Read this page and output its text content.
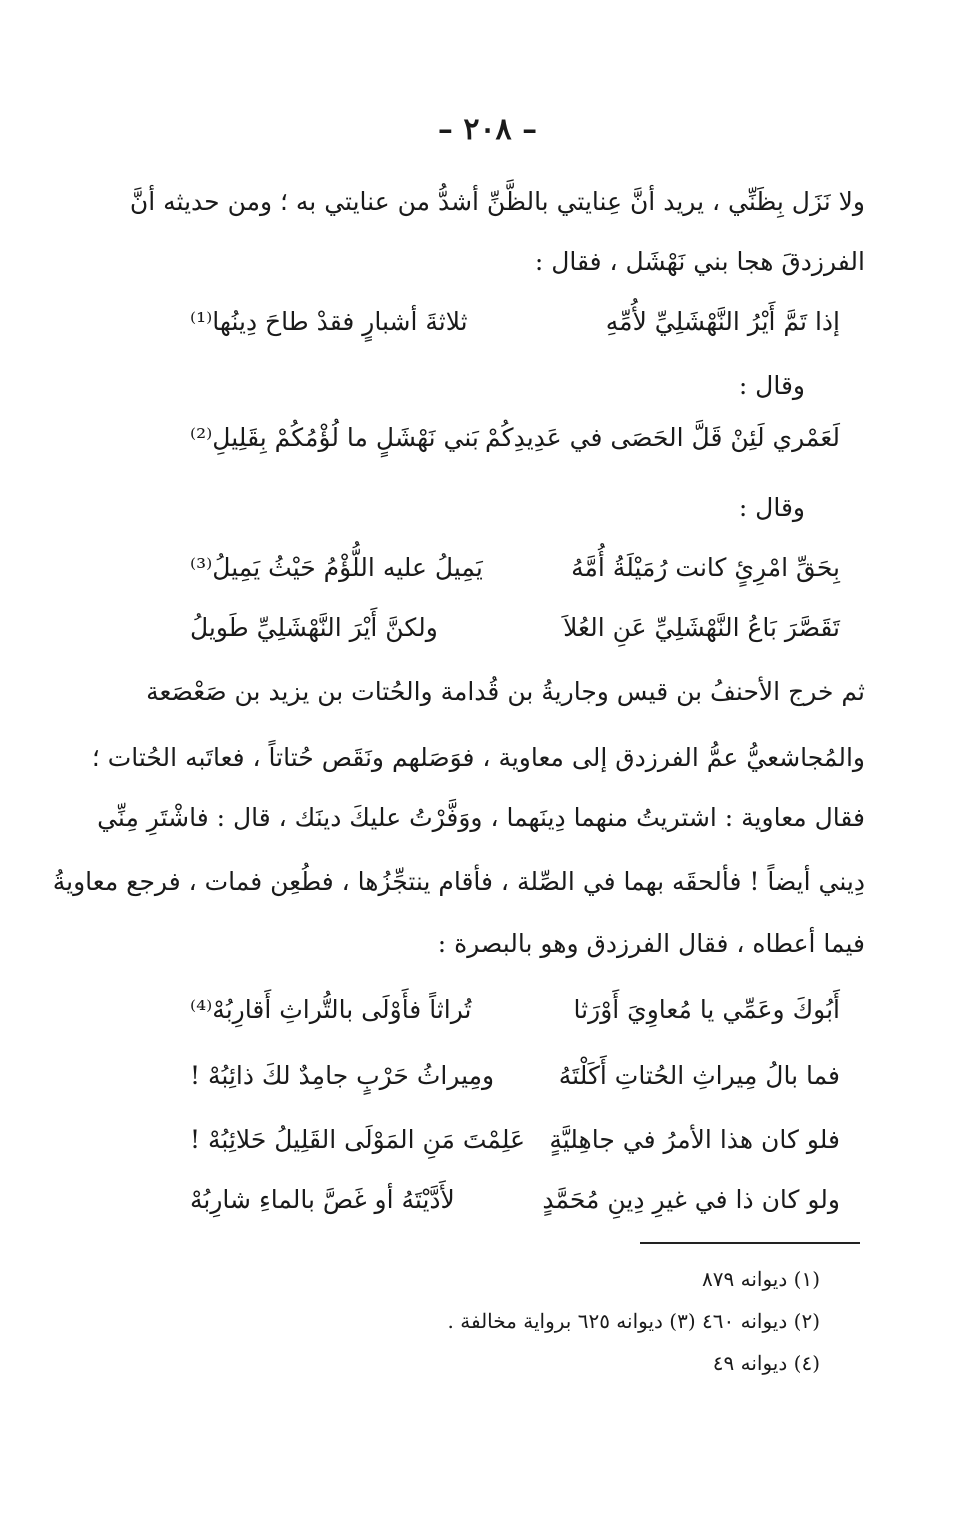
– ٢٠٨ –
ولا نَزَل بِظَنِّي ، يريد أنَّ عِنايتي بالظَّنِّ أشدُّ من عنايتي به ؛ ومن حديثه أنَّ
الفرزدقَ هجا بني نَهْشَل ، فقال :
إذا تَمَّ أَيْرُ النَّهْشَلِيِّ لأُمِّهِ
ثلاثةَ أشبارٍ فقدْ طاحَ دِينُها⁽¹⁾
وقال :
لَعَمْري لَئِنْ قَلَّ الحَصَى في عَدِيدِكُمْ
بَني نَهْشَلٍ ما لُؤْمُكُمْ بِقَلِيلِ⁽²⁾
وقال :
بِحَقِّ امْرِئٍ كانت رُمَيْلَةُ أُمَّهُ
يَمِيلُ عليه اللُّؤْمُ حَيْثُ يَمِيلُ⁽³⁾
تَقَصَّرَ بَاعُ النَّهْشَلِيِّ عَنِ العُلاَ
ولكنَّ أَيْرَ النَّهْشَلِيِّ طَويلُ
ثم خرج الأحنفُ بن قيس وجاريةُ بن قُدامة والحُتات بن يزيد بن صَعْصَعة
والمُجاشعيُّ عمُّ الفرزدق إلى معاوية ، فوَصَلهم ونَقَص حُتاتاً ، فعاتَبه الحُتات ؛
فقال معاوية : اشتريتُ منهما دِينَهما ، ووَفَّرْتُ عليكَ دينَك ، قال : فاشْتَرِ مِنِّي
دِيني أيضاً ! فألحقَه بهما في الصِّلة ، فأقام ينتجِّزُها ، فطُعِن فمات ، فرجع معاويةُ
فيما أعطاه ، فقال الفرزدق وهو بالبصرة :
أَبُوكَ وعَمِّي يا مُعاوِيَ أَوْرَثا
تُراثاً فأَوْلَى بالتُّراثِ أَقارِبُهْ⁽⁴⁾
فما بالُ مِيراثِ الحُتاتِ أَكَلْتَهُ
ومِيراثُ حَرْبٍ جامِدٌ لكَ ذائِبُهْ !
فلو كان هذا الأمرُ في جاهِليَّةٍ
عَلِمْتَ مَنِ المَوْلَى القَلِيلُ حَلائِبُهْ !
ولو كان ذا في غيرِ دِينِ مُحَمَّدٍ
لأَدَّيْتَهُ أو غَصَّ بالماءِ شارِبُهْ
(١) ديوانه ٨٧٩
(٢) ديوانه ٤٦٠ (٣) ديوانه ٦٢٥ برواية مخالفة .
(٤) ديوانه ٤٩
